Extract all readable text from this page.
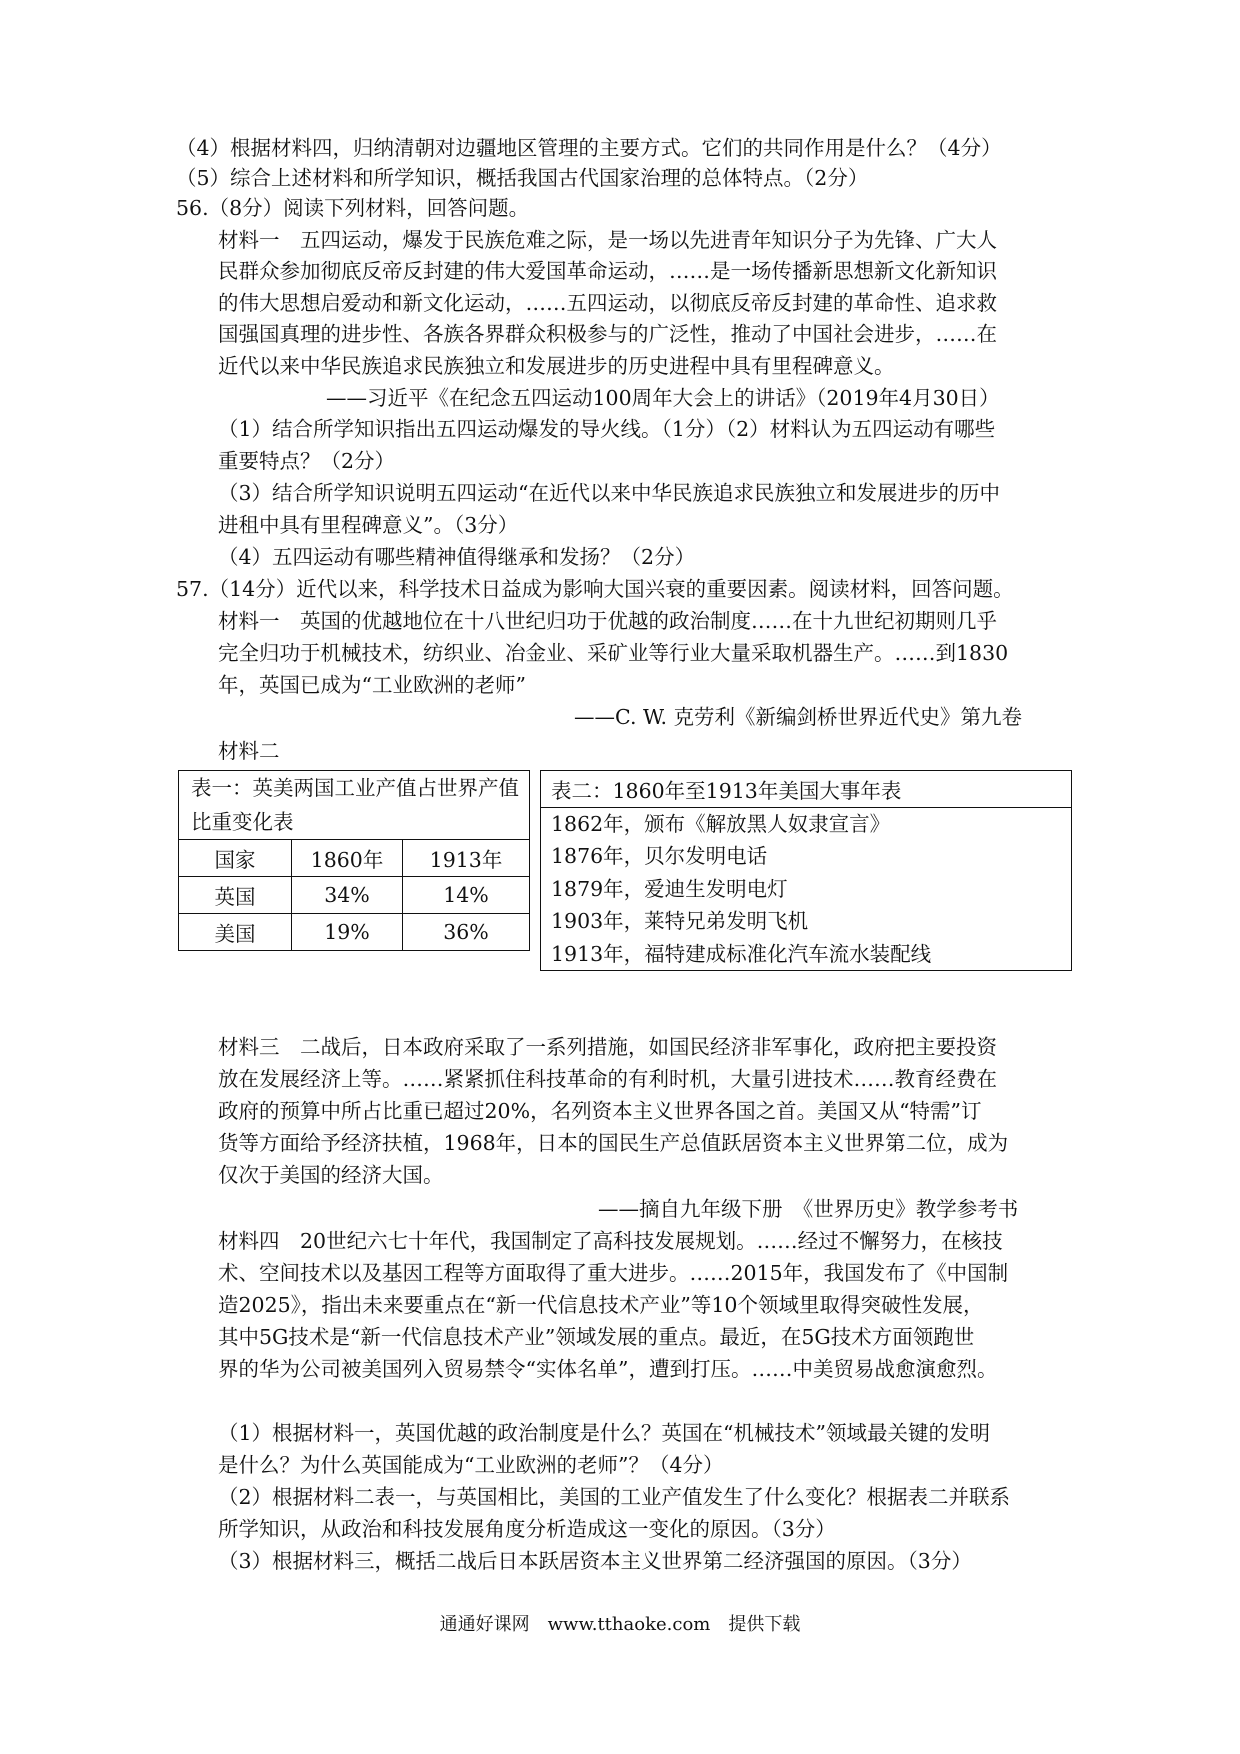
（4）根据材料四，归纳清朝对边疆地区管理的主要方式。它们的共同作用是什么？（4分）
（5）综合上述材料和所学知识，概括我国古代国家治理的总体特点。（2分）
56.（8分）阅读下列材料，回答问题。
材料一　五四运动，爆发于民族危难之际，是一场以先进青年知识分子为先锋、广大人
民群众参加彻底反帝反封建的伟大爱国革命运动，……是一场传播新思想新文化新知识
的伟大思想启爱动和新文化运动，……五四运动，以彻底反帝反封建的革命性、追求救
国强国真理的进步性、各族各界群众积极参与的广泛性，推动了中国社会进步，……在
近代以来中华民族追求民族独立和发展进步的历史进程中具有里程碑意义。
——习近平《在纪念五四运动100周年大会上的讲话》（2019年4月30日）
（1）结合所学知识指出五四运动爆发的导火线。（1分）（2）材料认为五四运动有哪些
重要特点？（2分）
（3）结合所学知识说明五四运动“在近代以来中华民族追求民族独立和发展进步的历中
进租中具有里程碑意义”。（3分）
（4）五四运动有哪些精神值得继承和发扬？（2分）
57.（14分）近代以来，科学技术日益成为影响大国兴衰的重要因素。阅读材料，回答问题。
材料一　英国的优越地位在十八世纪归功于优越的政治制度……在十九世纪初期则几乎
完全归功于机械技术，纺织业、冶金业、采矿业等行业大量采取机器生产。……到1830
年，英国已成为“工业欧洲的老师”
——C. W. 克劳利《新编剑桥世界近代史》第九卷
材料二
表一：英美两国工业产值占世界产值比重变化表		
国家	1860年	1913年
英国	34%	14%
美国	19%	36%
表二：1860年至1913年美国大事年表

1862年，颁布《解放黑人奴隶宣言》
1876年，贝尔发明电话
1879年，爱迪生发明电灯
1903年，莱特兄弟发明飞机
1913年，福特建成标准化汽车流水装配线
材料三　二战后，日本政府采取了一系列措施，如国民经济非军事化，政府把主要投资
放在发展经济上等。……紧紧抓住科技革命的有利时机，大量引进技术……教育经费在
政府的预算中所占比重已超过20%，名列资本主义世界各国之首。美国又从“特需”订
货等方面给予经济扶植，1968年，日本的国民生产总值跃居资本主义世界第二位，成为
仅次于美国的经济大国。
——摘自九年级下册　《世界历史》教学参考书
材料四　20世纪六七十年代，我国制定了高科技发展规划。……经过不懈努力，在核技
术、空间技术以及基因工程等方面取得了重大进步。……2015年，我国发布了《中国制
造2025》，指出未来要重点在“新一代信息技术产业”等10个领域里取得突破性发展，
其中5G技术是“新一代信息技术产业”领域发展的重点。最近，在5G技术方面领跑世
界的华为公司被美国列入贸易禁令“实体名单”，遭到打压。……中美贸易战愈演愈烈。
（1）根据材料一，英国优越的政治制度是什么？英国在“机械技术”领域最关键的发明
是什么？为什么英国能成为“工业欧洲的老师”？（4分）
（2）根据材料二表一，与英国相比，美国的工业产值发生了什么变化？根据表二并联系
所学知识，从政治和科技发展角度分析造成这一变化的原因。（3分）
（3）根据材料三，概括二战后日本跃居资本主义世界第二经济强国的原因。（3分）
通通好课网　www.tthaoke.com　提供下载
